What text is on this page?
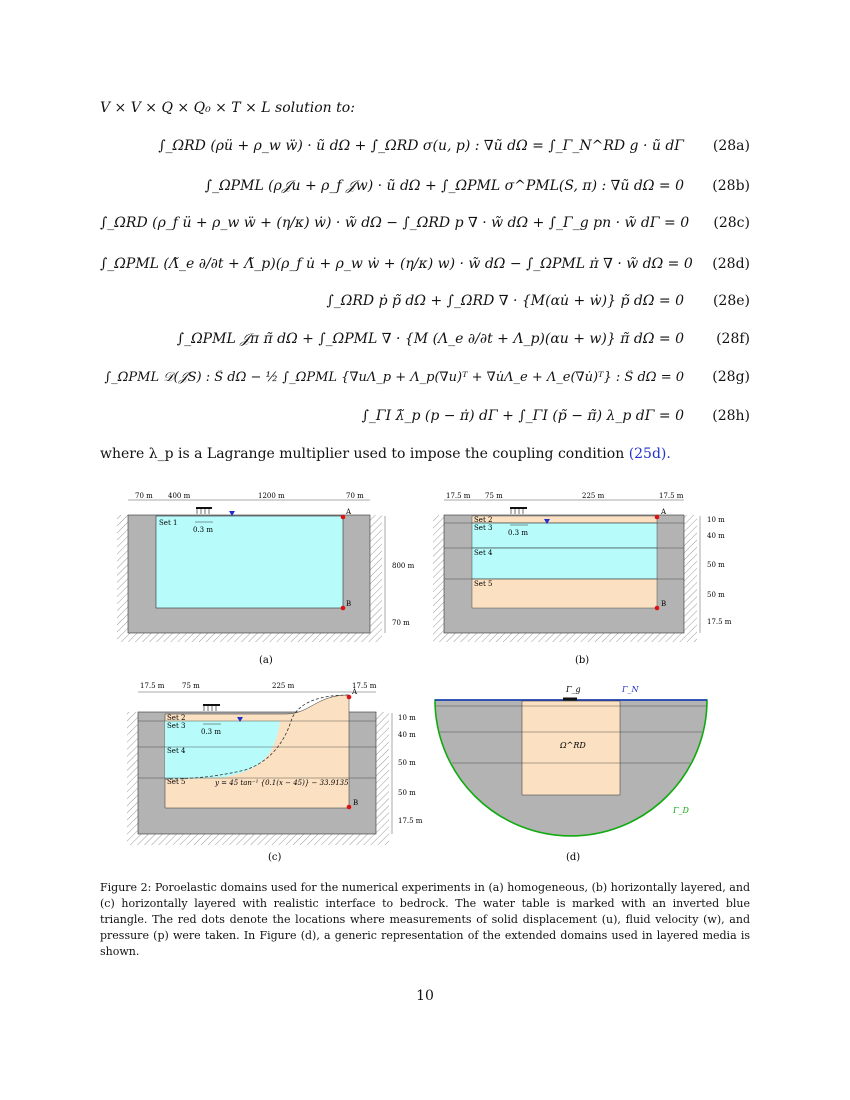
V × V × Q × Q₀ × T × L solution to:
∫_ΩRD (ρü + ρ_w ẅ) · ũ dΩ + ∫_ΩRD σ(u, p) : ∇ũ dΩ = ∫_Γ_N^RD g · ũ dΓ	(28a)
∫_ΩPML (ρ𝒥u + ρ_f 𝒥w) · ũ dΩ + ∫_ΩPML σ^PML(S, π) : ∇ũ dΩ = 0	(28b)
∫_ΩRD (ρ_f ü + ρ_w ẅ + (η/κ) ẇ) · w̃ dΩ − ∫_ΩRD p ∇ · w̃ dΩ + ∫_Γ_g pn · w̃ dΓ = 0	(28c)
∫_ΩPML (Λ̃_e ∂/∂t + Λ̃_p)(ρ_f u̇ + ρ_w ẇ + (η/κ) w) · w̃ dΩ − ∫_ΩPML π̇ ∇ · w̃ dΩ = 0	(28d)
∫_ΩRD ṗ p̃ dΩ + ∫_ΩRD ∇ · {M(αu̇ + ẇ)} p̃ dΩ = 0	(28e)
∫_ΩPML 𝒥π π̃ dΩ + ∫_ΩPML ∇ · {M (Λ_e ∂/∂t + Λ_p)(αu + w)} π̃ dΩ = 0	(28f)
∫_ΩPML 𝒟(𝒥S) : S̃ dΩ − ½ ∫_ΩPML {∇uΛ_p + Λ_p(∇u)ᵀ + ∇u̇Λ_e + Λ_e(∇u̇)ᵀ} : S̃ dΩ = 0	(28g)
∫_ΓI λ̃_p (p − π̇) dΓ + ∫_ΓI (p̃ − π̃) λ_p dΓ = 0	(28h)
where λ_p is a Lagrange multiplier used to impose the coupling condition (25d).
70 m 400 m	1200 m	70 m
800 m
70 m
Set 1
0.3 m
A
B
17.5 m 75 m	225 m	17.5 m
10 m
40 m
50 m
50 m
17.5 m
Set 2
Set 3
Set 4
Set 5
0.3 m
A
B
(a)	(b)
17.5 m	75 m	225 m	17.5 m
10 m
40 m
50 m
50 m
17.5 m
Set 2
Set 3
Set 4
Set 5	y = 45 tan⁻¹ {0.1(x − 45)} − 33.9135
0.3 m
A
B
Γ_g	Γ_N
Ω^RD
Γ_D
(c)	(d)
Figure 2: Poroelastic domains used for the numerical experiments in (a) homogeneous, (b) horizontally layered, and (c) horizontally layered with realistic interface to bedrock. The water table is marked with an inverted blue triangle. The red dots denote the locations where measurements of solid displacement (u), fluid velocity (w), and pressure (p) were taken. In Figure (d), a generic representation of the extended domains used in layered media is shown.
10
